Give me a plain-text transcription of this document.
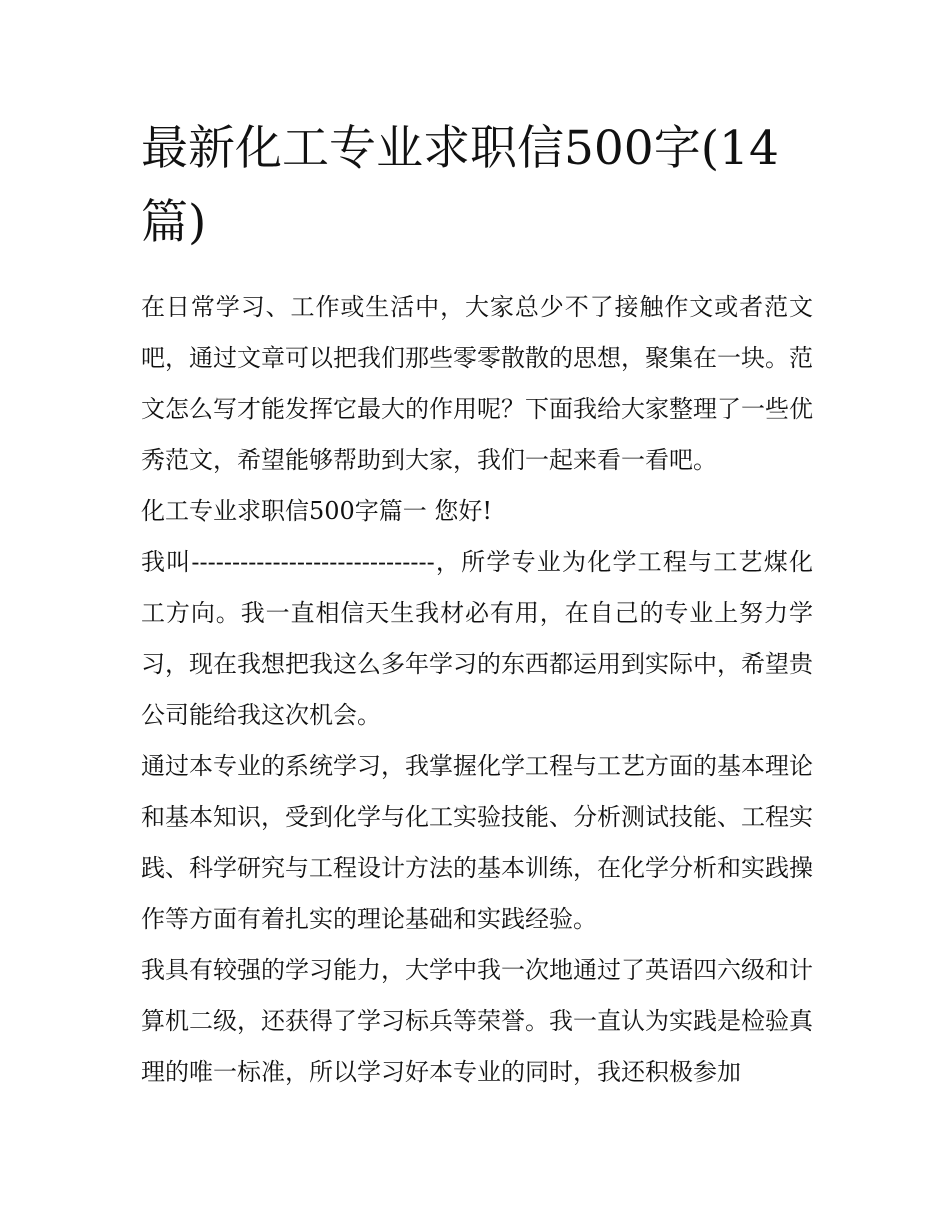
最新化工专业求职信500字(14篇)

在日常学习、工作或生活中，大家总少不了接触作文或者范文吧，通过文章可以把我们那些零零散散的思想，聚集在一块。范文怎么写才能发挥它最大的作用呢？下面我给大家整理了一些优秀范文，希望能够帮助到大家，我们一起来看一看吧。

化工专业求职信500字篇一 您好!

我叫------------------------------，所学专业为化学工程与工艺煤化工方向。我一直相信天生我材必有用，在自己的专业上努力学习，现在我想把我这么多年学习的东西都运用到实际中，希望贵公司能给我这次机会。

通过本专业的系统学习，我掌握化学工程与工艺方面的基本理论和基本知识，受到化学与化工实验技能、分析测试技能、工程实践、科学研究与工程设计方法的基本训练，在化学分析和实践操作等方面有着扎实的理论基础和实践经验。

我具有较强的学习能力，大学中我一次地通过了英语四六级和计算机二级，还获得了学习标兵等荣誉。我一直认为实践是检验真理的唯一标准，所以学习好本专业的同时，我还积极参加
